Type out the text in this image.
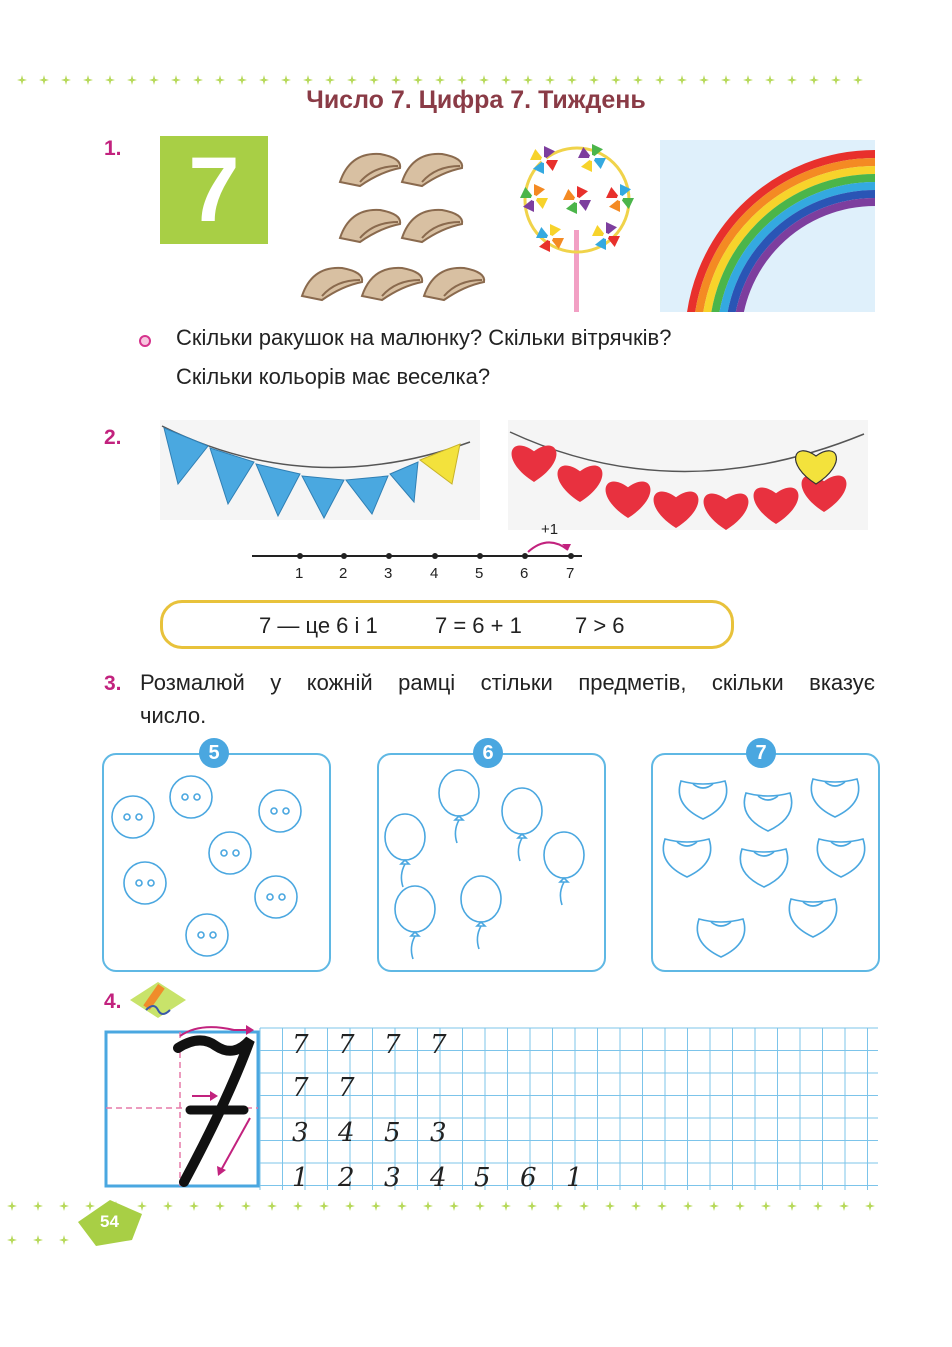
Число 7. Цифра 7. Тиждень
1. 7
Скільки ракушок на малюнку? Скільки вітрячків?
Скільки кольорів має веселка?
2.
+1
1 2 3	4 5 6	7
7 — це 6 і 1	7 = 6 + 1 7 > 6
3. Розмалюй у кожній рамці стільки предметів, скільки вказує
число.
5	6	7
4.
7 7 7 7
7 7
3 4 5 3
1 2 3 4 5 6 1
54
